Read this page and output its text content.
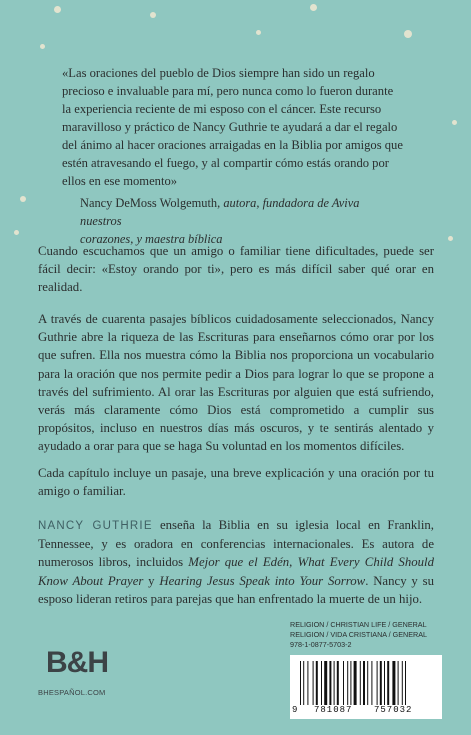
«Las oraciones del pueblo de Dios siempre han sido un regalo

precioso e invaluable para mí, pero nunca como lo fueron durante

la experiencia reciente de mi esposo con el cáncer. Este recurso

maravilloso y práctico de Nancy Guthrie te ayudará a dar el regalo

del ánimo al hacer oraciones arraigadas en la Biblia por amigos que

estén atravesando el fuego, y al compartir cómo estás orando por

ellos en ese momento»

Nancy DeMoss Wolgemuth, autora, fundadora de Aviva nuestros
corazones, y maestra bíblica

Cuando escuchamos que un amigo o familiar tiene dificultades, puede ser fácil decir: «Estoy orando por ti», pero es más difícil saber qué orar en realidad.

A través de cuarenta pasajes bíblicos cuidadosamente seleccionados, Nancy Guthrie abre la riqueza de las Escrituras para enseñarnos cómo orar por los que sufren. Ella nos muestra cómo la Biblia nos proporciona un vocabulario para la oración que nos permite pedir a Dios para lograr lo que se propone a través del sufrimiento. Al orar las Escrituras por alguien que está sufriendo, verás más claramente cómo Dios está comprometido a cumplir sus propósitos, incluso en nuestros días más oscuros, y te sentirás alentado y ayudado a orar para que se haga Su voluntad en los momentos difíciles.

Cada capítulo incluye un pasaje, una breve explicación y una oración por tu amigo o familiar.

NANCY GUTHRIE enseña la Biblia en su iglesia local en Franklin, Tennessee, y es oradora en conferencias internacionales. Es autora de numerosos libros, incluidos Mejor que el Edén, What Every Child Should Know About Prayer y Hearing Jesus Speak into Your Sorrow. Nancy y su esposo lideran retiros para parejas que han enfrentado la muerte de un hijo.

B&H
BHESPAÑOL.COM
RELIGION / CHRISTIAN LIFE / GENERAL
RELIGION / VIDA CRISTIANA / GENERAL
978-1-0877-5703-2
9 781087 757032
